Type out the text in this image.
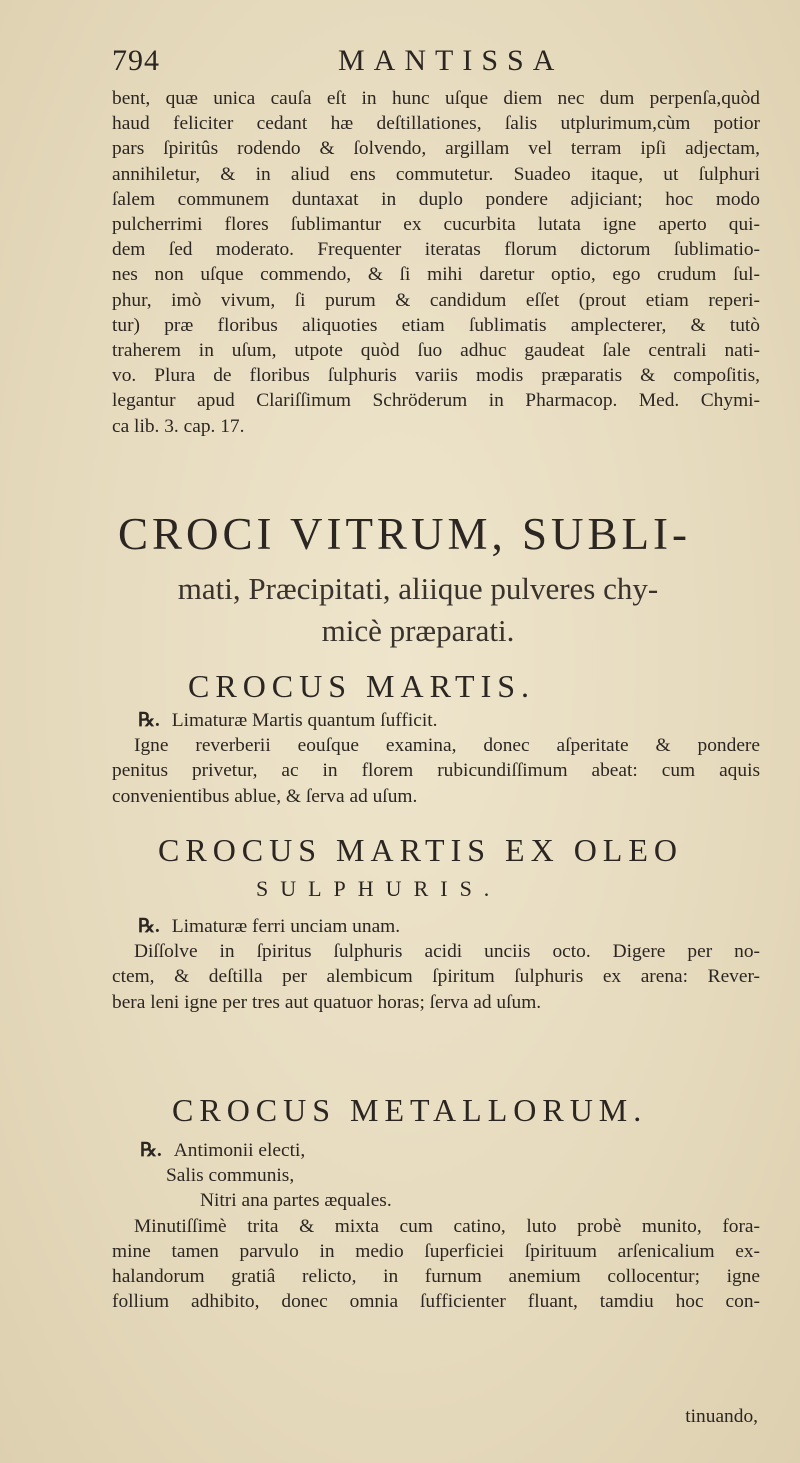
794	MANTISSA
bent, quæ unica cauſa eſt in hunc uſque diem nec dum perpenſa,quòd
haud feliciter cedant hæ deſtillationes, ſalis utplurimum,cùm potior
pars ſpiritûs rodendo & ſolvendo, argillam vel terram ipſi adjectam,
annihiletur, & in aliud ens commutetur. Suadeo itaque, ut ſulphuri
ſalem communem duntaxat in duplo pondere adjiciant; hoc modo
pulcherrimi flores ſublimantur ex cucurbita lutata igne aperto qui-
dem ſed moderato. Frequenter iteratas florum dictorum ſublimatio-
nes non uſque commendo, & ſi mihi daretur optio, ego crudum ſul-
phur, imò vivum, ſi purum & candidum eſſet (prout etiam reperi-
tur) præ floribus aliquoties etiam ſublimatis amplecterer, & tutò
traherem in uſum, utpote quòd ſuo adhuc gaudeat ſale centrali nati-
vo. Plura de floribus ſulphuris variis modis præparatis & compoſitis,
legantur apud Clariſſimum Schröderum in Pharmacop. Med. Chymi-
ca lib. 3. cap. 17.
CROCI VITRUM, SUBLI-
mati, Præcipitati, aliique pulveres chy-
micè præparati.
CROCUS MARTIS.
℞. Limaturæ Martis quantum ſufficit.
Igne reverberii eouſque examina, donec aſperitate & pondere
penitus privetur, ac in florem rubicundiſſimum abeat: cum aquis
convenientibus ablue, & ſerva ad uſum.
CROCUS MARTIS EX OLEO
SULPHURIS.
℞. Limaturæ ferri unciam unam.
Diſſolve in ſpiritus ſulphuris acidi unciis octo. Digere per no-
ctem, & deſtilla per alembicum ſpiritum ſulphuris ex arena: Rever-
bera leni igne per tres aut quatuor horas; ſerva ad uſum.
CROCUS METALLORUM.
℞. Antimonii electi,
Salis communis,
Nitri ana partes æquales.
Minutiſſimè trita & mixta cum catino, luto probè munito, fora-
mine tamen parvulo in medio ſuperficiei ſpirituum arſenicalium ex-
halandorum gratiâ relicto, in furnum anemium collocentur; igne
follium adhibito, donec omnia ſufficienter fluant, tamdiu hoc con-
tinuando,
